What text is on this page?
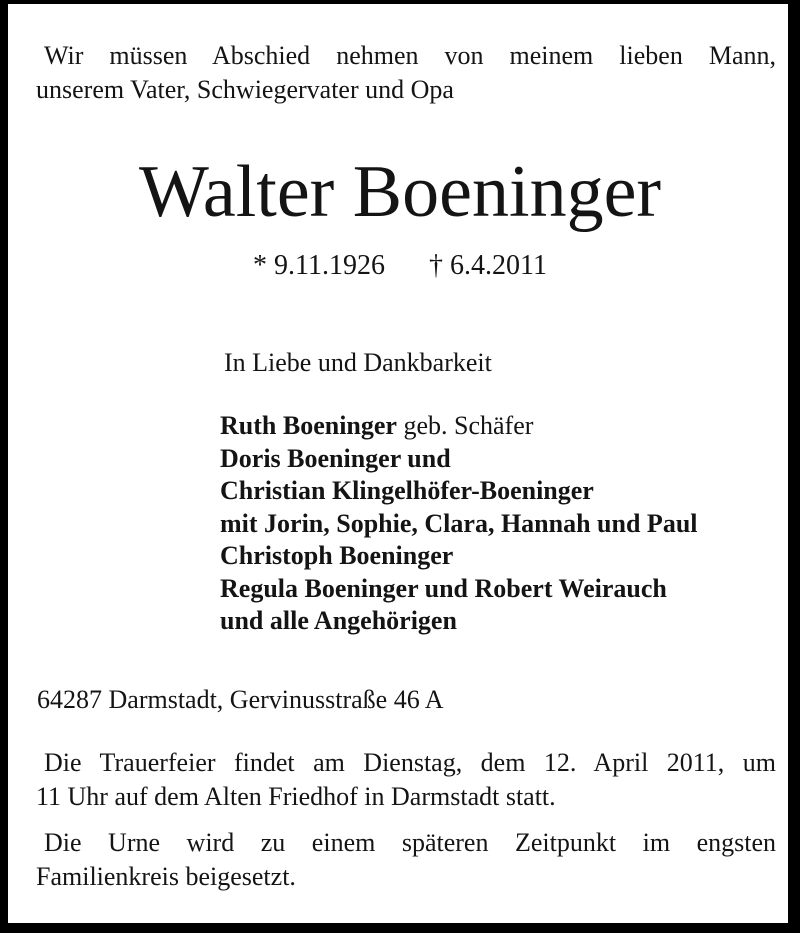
Wir müssen Abschied nehmen von meinem lieben Mann,
unserem Vater, Schwiegervater und Opa
Walter Boeninger
* 9.11.1926 † 6.4.2011
In Liebe und Dankbarkeit
Ruth Boeninger geb. Schäfer
Doris Boeninger und
Christian Klingelhöfer-Boeninger
mit Jorin, Sophie, Clara, Hannah und Paul
Christoph Boeninger
Regula Boeninger und Robert Weirauch
und alle Angehörigen
64287 Darmstadt, Gervinusstraße 46 A
Die Trauerfeier findet am Dienstag, dem 12. April 2011, um
11 Uhr auf dem Alten Friedhof in Darmstadt statt.
Die Urne wird zu einem späteren Zeitpunkt im engsten
Familienkreis beigesetzt.
